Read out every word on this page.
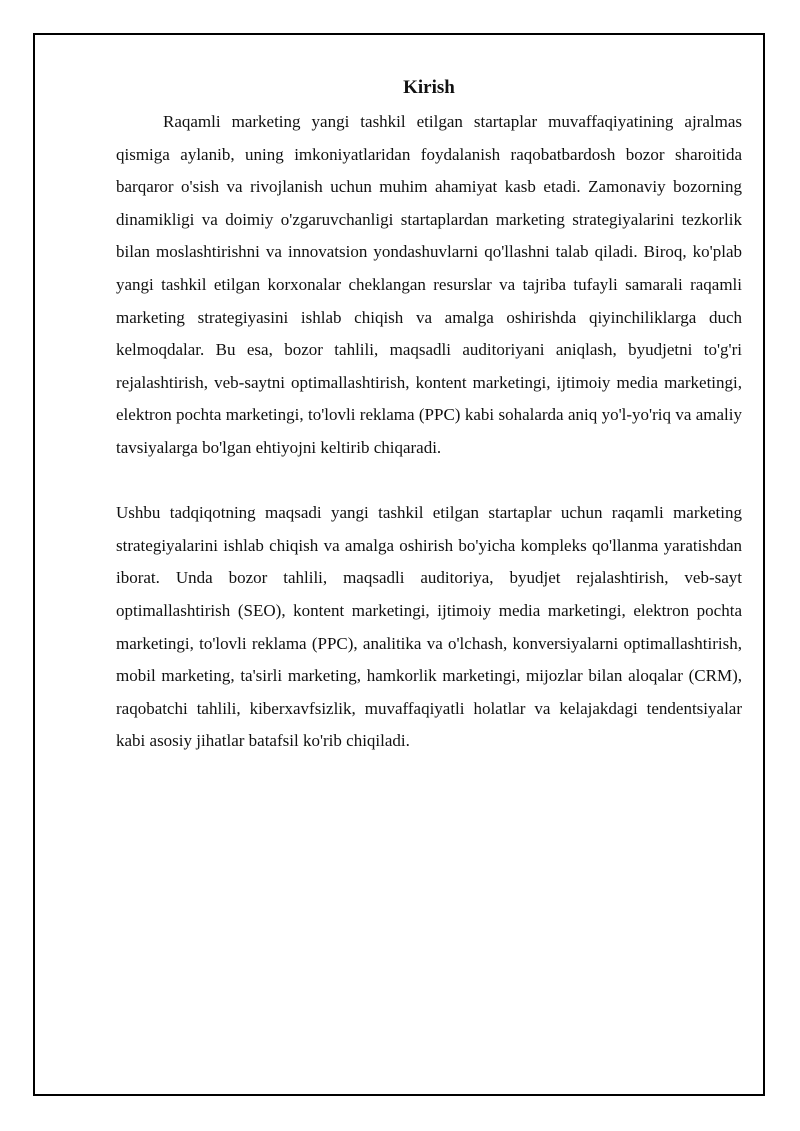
Kirish

Raqamli marketing yangi tashkil etilgan startaplar muvaffaqiyatining ajralmas qismiga aylanib, uning imkoniyatlaridan foydalanish raqobatbardosh bozor sharoitida barqaror o'sish va rivojlanish uchun muhim ahamiyat kasb etadi. Zamonaviy bozorning dinamikligi va doimiy o'zgaruvchanligi startaplardan marketing strategiyalarini tezkorlik bilan moslashtirishni va innovatsion yondashuvlarni qo'llashni talab qiladi. Biroq, ko'plab yangi tashkil etilgan korxonalar cheklangan resurslar va tajriba tufayli samarali raqamli marketing strategiyasini ishlab chiqish va amalga oshirishda qiyinchiliklarga duch kelmoqdalar. Bu esa, bozor tahlili, maqsadli auditoriyani aniqlash, byudjetni to'g'ri rejalashtirish, veb-saytni optimallashtirish, kontent marketingi, ijtimoiy media marketingi, elektron pochta marketingi, to'lovli reklama (PPC) kabi sohalarda aniq yo'l-yo'riq va amaliy tavsiyalarga bo'lgan ehtiyojni keltirib chiqaradi.

Ushbu tadqiqotning maqsadi yangi tashkil etilgan startaplar uchun raqamli marketing strategiyalarini ishlab chiqish va amalga oshirish bo'yicha kompleks qo'llanma yaratishdan iborat. Unda bozor tahlili, maqsadli auditoriya, byudjet rejalashtirish, veb-sayt optimallashtirish (SEO), kontent marketingi, ijtimoiy media marketingi, elektron pochta marketingi, to'lovli reklama (PPC), analitika va o'lchash, konversiyalarni optimallashtirish, mobil marketing, ta'sirli marketing, hamkorlik marketingi, mijozlar bilan aloqalar (CRM), raqobatchi tahlili, kiberxavfsizlik, muvaffaqiyatli holatlar va kelajakdagi tendentsiyalar kabi asosiy jihatlar batafsil ko'rib chiqiladi.
